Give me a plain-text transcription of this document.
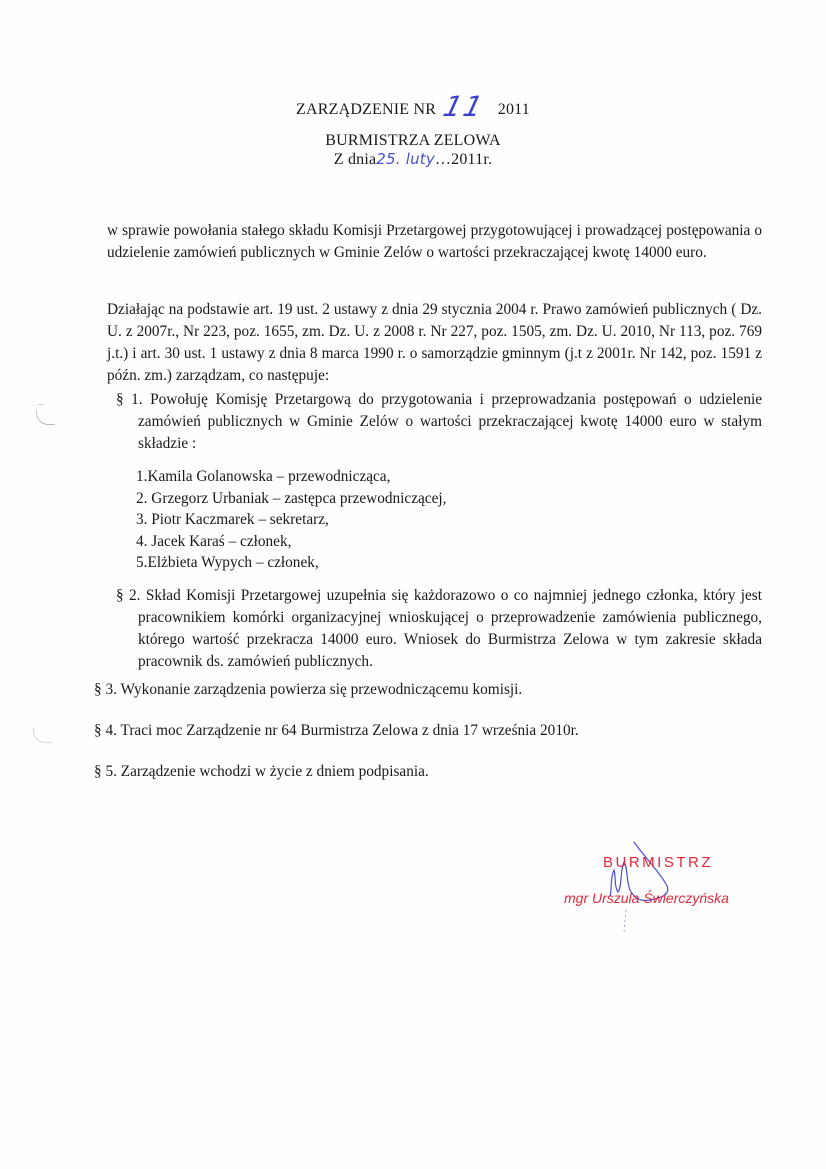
ZARZĄDZENIE NR 11 2011
BURMISTRZA ZELOWA
Z dnia25. luty…2011r.
w sprawie powołania stałego składu Komisji Przetargowej przygotowującej i prowadzącej postępowania o udzielenie zamówień publicznych w Gminie Zelów o wartości przekraczającej kwotę 14000 euro.
Działając na podstawie art. 19 ust. 2 ustawy z dnia 29 stycznia 2004 r. Prawo zamówień publicznych ( Dz. U. z 2007r., Nr 223, poz. 1655, zm. Dz. U. z 2008 r. Nr 227, poz. 1505, zm. Dz. U. 2010, Nr 113, poz. 769 j.t.) i art. 30 ust. 1 ustawy z dnia 8 marca 1990 r. o samorządzie gminnym (j.t z 2001r. Nr 142, poz. 1591 z późn. zm.) zarządzam, co następuje:
§ 1. Powołuję Komisję Przetargową do przygotowania i przeprowadzania postępowań o udzielenie zamówień publicznych w Gminie Zelów o wartości przekraczającej kwotę 14000 euro w stałym składzie :
1.Kamila Golanowska – przewodnicząca,
2. Grzegorz Urbaniak – zastępca przewodniczącej,
3. Piotr Kaczmarek – sekretarz,
4. Jacek Karaś – członek,
5.Elżbieta Wypych – członek,
§ 2. Skład Komisji Przetargowej uzupełnia się każdorazowo o co najmniej jednego członka, który jest pracownikiem komórki organizacyjnej wnioskującej o przeprowadzenie zamówienia publicznego, którego wartość przekracza 14000 euro. Wniosek do Burmistrza Zelowa w tym zakresie składa pracownik ds. zamówień publicznych.
§ 3. Wykonanie zarządzenia powierza się przewodniczącemu komisji.
§ 4. Traci moc Zarządzenie nr 64 Burmistrza Zelowa z dnia 17 września 2010r.
§ 5. Zarządzenie wchodzi w życie z dniem podpisania.
BURMISTRZ
mgr Urszula Świerczyńska
